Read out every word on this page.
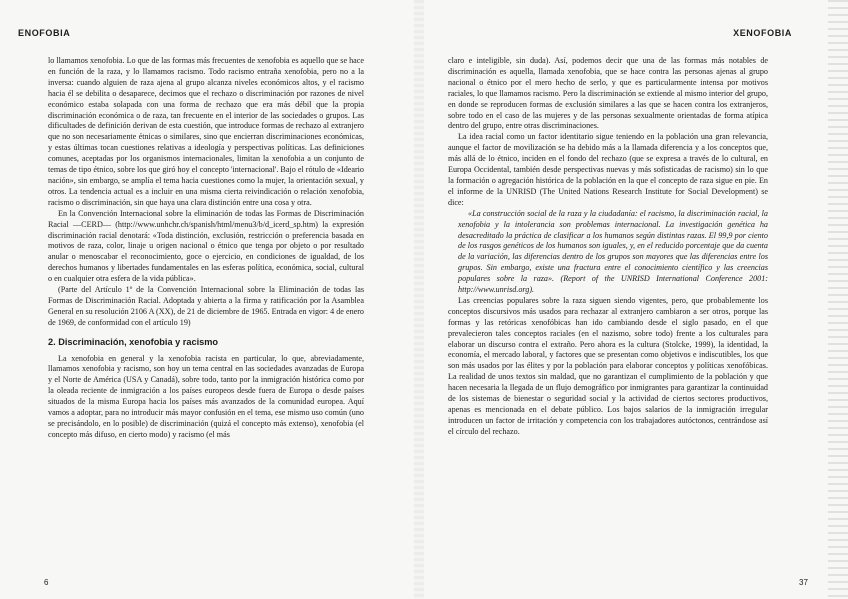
ENOFOBIA

lo llamamos xenofobia. Lo que de las formas más frecuentes de xenofobia es aquello que se hace en función de la raza, y lo llamamos racismo. Todo racismo entraña xenofobia, pero no a la inversa: cuando alguien de raza ajena al grupo alcanza niveles económicos altos, y el racismo hacia él se debilita o desaparece, decimos que el rechazo o discriminación por razones de nivel económico estaba solapada con una forma de rechazo que era más débil que la propia discriminación económica o de raza, tan frecuente en el interior de las sociedades o grupos. Las dificultades de definición derivan de esta cuestión, que introduce formas de rechazo al extranjero que no son necesariamente étnicas o similares, sino que encierran discriminaciones económicas, y estas últimas tocan cuestiones relativas a ideología y perspectivas políticas. Las definiciones comunes, aceptadas por los organismos internacionales, limitan la xenofobia a un conjunto de temas de tipo étnico, sobre los que giró hoy el concepto 'internacional'. Bajo el rótulo de «Ideario nación», sin embargo, se amplía el tema hacia cuestiones como la mujer, la orientación sexual, y otros. La tendencia actual es a incluir en una misma cierta reivindicación o relación xenofobia, racismo o discriminación, sin que haya una clara distinción entre una cosa y otra.

En la Convención Internacional sobre la eliminación de todas las Formas de Discriminación Racial —CERD— (http://www.unhchr.ch/spanish/html/menu3/b/d_icerd_sp.htm) la expresión discriminación racial denotará: «Toda distinción, exclusión, restricción o preferencia basada en motivos de raza, color, linaje u origen nacional o étnico que tenga por objeto o por resultado anular o menoscabar el reconocimiento, goce o ejercicio, en condiciones de igualdad, de los derechos humanos y libertades fundamentales en las esferas política, económica, social, cultural o en cualquier otra esfera de la vida pública».

(Parte del Artículo 1º de la Convención Internacional sobre la Eliminación de todas las Formas de Discriminación Racial. Adoptada y abierta a la firma y ratificación por la Asamblea General en su resolución 2106 A (XX), de 21 de diciembre de 1965. Entrada en vigor: 4 de enero de 1969, de conformidad con el artículo 19)

2. Discriminación, xenofobia y racismo

La xenofobia en general y la xenofobia racista en particular, lo que, abreviadamente, llamamos xenofobia y racismo, son hoy un tema central en las sociedades avanzadas de Europa y el Norte de América (USA y Canadá), sobre todo, tanto por la inmigración histórica como por la oleada reciente de inmigración a los países europeos desde fuera de Europa o desde países situados de la misma Europa hacia los países más avanzados de la comunidad europea. Aquí vamos a adoptar, para no introducir más mayor confusión en el tema, ese mismo uso común (uno se precisándolo, en lo posible) de discriminación (quizá el concepto más extenso), xenofobia (el concepto más difuso, en cierto modo) y racismo (el más

6
XENOFOBIA

claro e inteligible, sin duda). Así, podemos decir que una de las formas más notables de discriminación es aquella, llamada xenofobia, que se hace contra las personas ajenas al grupo nacional o étnico por el mero hecho de serlo, y que es particularmente intensa por motivos raciales, lo que llamamos racismo. Pero la discriminación se extiende al mismo interior del grupo, en donde se reproducen formas de exclusión similares a las que se hacen contra los extranjeros, sobre todo en el caso de las mujeres y de las personas sexualmente orientadas de forma atípica dentro del grupo, entre otras discriminaciones.

La idea racial como un factor identitario sigue teniendo en la población una gran relevancia, aunque el factor de movilización se ha debido más a la llamada diferencia y a los conceptos que, más allá de lo étnico, inciden en el fondo del rechazo (que se expresa a través de lo cultural, en Europa Occidental, también desde perspectivas nuevas y más sofisticadas de racismo) sin lo que la formación o agregación histórica de la población en la que el concepto de raza sigue en pie. En el informe de la UNRISD (The United Nations Research Institute for Social Development) se dice:

«La construcción social de la raza y la ciudadanía: el racismo, la discriminación racial, la xenofobia y la intolerancia son problemas internacional. La investigación genética ha desacreditado la práctica de clasificar a los humanos según distintas razas. El 99,9 por ciento de los rasgos genéticos de los humanos son iguales, y, en el reducido porcentaje que da cuenta de la variación, las diferencias dentro de los grupos son mayores que las diferencias entre los grupos. Sin embargo, existe una fractura entre el conocimiento científico y las creencias populares sobre la raza». (Report of the UNRISD International Conference 2001: http://www.unrisd.org).

Las creencias populares sobre la raza siguen siendo vigentes, pero, que probablemente los conceptos discursivos más usados para rechazar al extranjero cambiaron a ser otros, porque las formas y las retóricas xenofóbicas han ido cambiando desde el siglo pasado, en el que prevalecieron tales conceptos raciales (en el nazismo, sobre todo) frente a los culturales para elaborar un discurso contra el extraño. Pero ahora es la cultura (Stolcke, 1999), la identidad, la economía, el mercado laboral, y factores que se presentan como objetivos e indiscutibles, los que son más usados por las élites y por la población para elaborar conceptos y políticas xenofóbicas. La realidad de unos textos sin maldad, que no garantizan el cumplimiento de la población y que hacen necesaria la llegada de un flujo demográfico por inmigrantes para garantizar la continuidad de los sistemas de bienestar o seguridad social y la actividad de ciertos sectores productivos, apenas es mencionada en el debate público. Los bajos salarios de la inmigración irregular introducen un factor de irritación y competencia con los trabajadores autóctonos, centrándose así el círculo del rechazo.

37
